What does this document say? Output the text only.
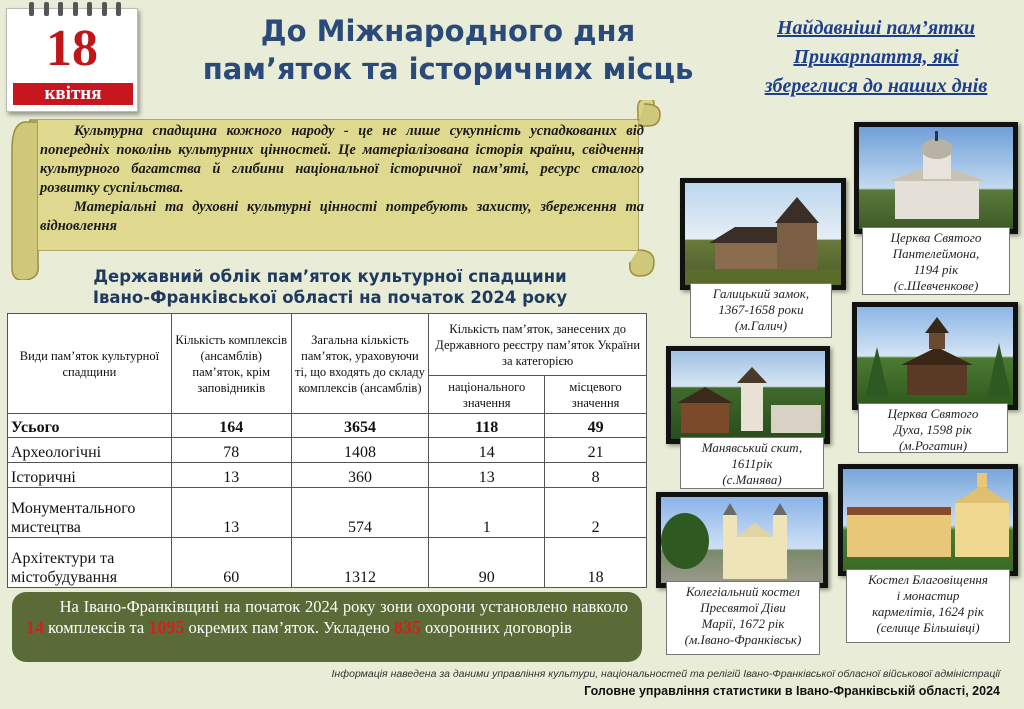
18
квітня
До Міжнародного дня
пам’яток та історичних місць
Найдавніші пам’ятки
Прикарпаття, які
збереглися до наших днів

Культурна спадщина кожного народу - це не лише сукупність успадкованих від попередніх поколінь культурних цінностей. Це матеріалізована історія країни, свідчення культурного багатства й глибини національної історичної пам’яті, ресурс сталого розвитку суспільства.

Матеріальні та духовні культурні цінності потребують захисту, збереження та відновлення

Державний облік пам’яток культурної спадщини
Івано-Франківської області на початок 2024 року
Види пам’яток культурної спадщини	Кількість комплексів (ансамблів) пам’яток, крім заповідників	Загальна кількість пам’яток, ураховуючи ті, що входять до складу комплексів (ансамблів)	Кількість пам’яток, занесених до Державного реєстру пам’яток України за категорією	
			національного значення	місцевого значення
Усього	164	3654	118	49
Археологічні	78	1408	14	21
Історичні	13	360	13	8
Монументального мистецтва	13	574	1	2
Архітектури та містобудування	60	1312	90	18
На Івано-Франківщині на початок 2024 року зони охорони установлено навколо 14 комплексів та 1095 окремих пам’яток. Укладено 835 охоронних договорів
Інформація наведена за даними управління культури, національностей та релігій Івано-Франківської обласної військової адміністрації
Головне управління статистики в Івано-Франківській області, 2024
Галицький замок,
1367-1658 роки
(м.Галич)
Церква Святого
Пантелеймона,
1194 рік
(с.Шевченкове)
Церква Святого
Духа, 1598 рік
(м.Рогатин)
Манявський скит,
1611рік
(с.Манява)
Колегіальний костел
Пресвятої Діви
Марії, 1672 рік
(м.Івано-Франківськ)
Костел Благовіщення
і монастир
кармелітів, 1624 рік
(селище Більшівці)
